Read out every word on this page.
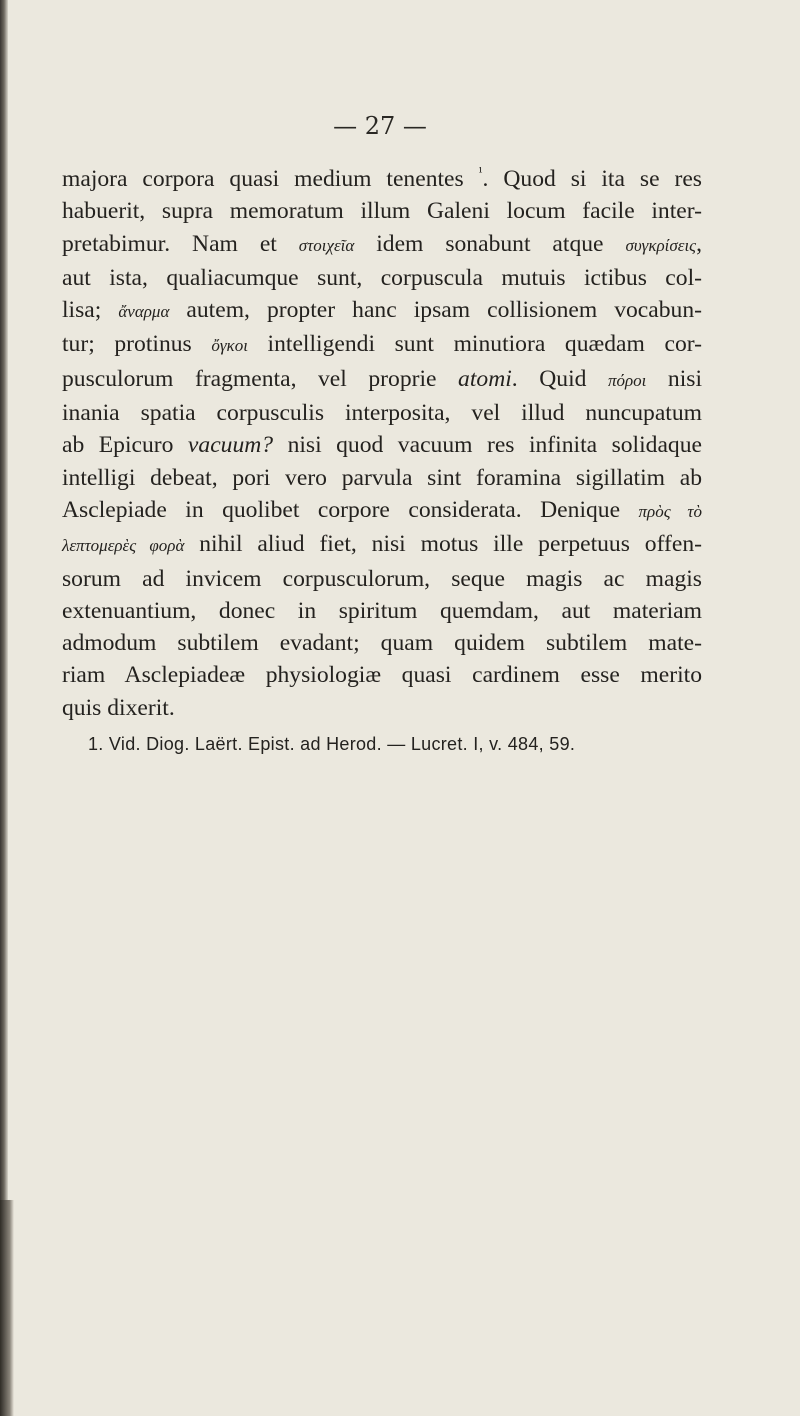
— 27 —
majora corpora quasi medium tenentes $^{^1}$. Quod si ita se res
habuerit, supra memoratum illum Galeni locum facile inter-
pretabimur. Nam et στοιχεῖα idem sonabunt atque συγκρίσεις,
aut ista, qualiacumque sunt, corpuscula mutuis ictibus col-
lisa; ἄναρμα autem, propter hanc ipsam collisionem vocabun-
tur; protinus ὄγκοι intelligendi sunt minutiora quædam cor-
pusculorum fragmenta, vel proprie atomi. Quid πόροι nisi
inania spatia corpusculis interposita, vel illud nuncupatum
ab Epicuro vacuum? nisi quod vacuum res infinita solidaque
intelligi debeat, pori vero parvula sint foramina sigillatim ab
Asclepiade in quolibet corpore considerata. Denique πρὸς τὸ
λεπτομερὲς φορὰ nihil aliud fiet, nisi motus ille perpetuus offen-
sorum ad invicem corpusculorum, seque magis ac magis
extenuantium, donec in spiritum quemdam, aut materiam
admodum subtilem evadant; quam quidem subtilem mate-
riam Asclepiadeæ physiologiæ quasi cardinem esse merito
quis dixerit.
1. Vid. Diog. Laërt. Epist. ad Herod. — Lucret. I, v. 484, 59.
